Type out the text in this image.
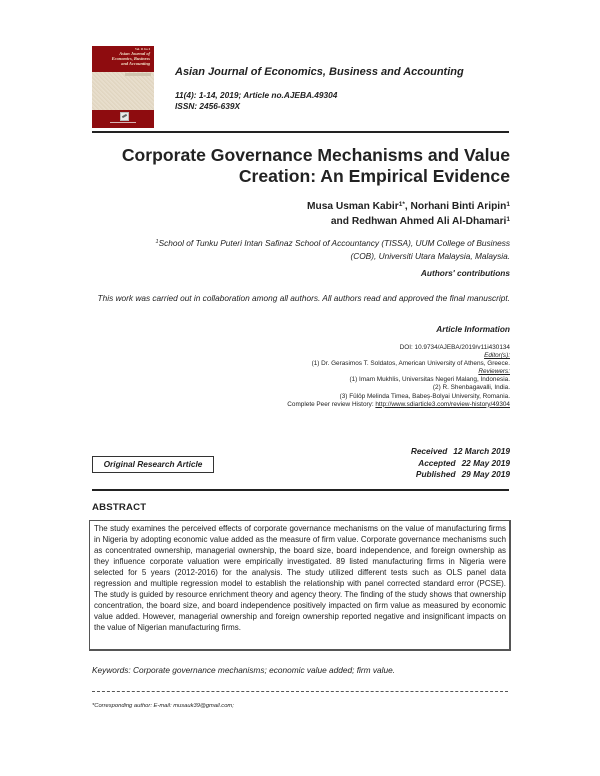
Vol. 11 Iss 4
Asian Journal of
Economics, Business
and Accounting
Asian Journal of Economics, Business and Accounting
11(4): 1-14, 2019; Article no.AJEBA.49304
ISSN: 2456-639X
Corporate Governance Mechanisms and Value
Creation: An Empirical Evidence
Musa Usman Kabir$^{1*}$, Norhani Binti Aripin$^1$
and Redhwan Ahmed Ali Al-Dhamari$^1$
$^1$School of Tunku Puteri Intan Safinaz School of Accountancy (TISSA), UUM College of Business
(COB), Universiti Utara Malaysia, Malaysia.
Authors' contributions
This work was carried out in collaboration among all authors. All authors read and approved the final manuscript.
Article Information
DOI: 10.9734/AJEBA/2019/v11i430134
Editor(s):
(1) Dr. Gerasimos T. Soldatos, American University of Athens, Greece.
Reviewers:
(1) Imam Mukhlis, Universitas Negeri Malang, Indonesia.
(2) R. Shenbagavalli, India.
(3) Fülöp Melinda Timea, Babeș-Bolyai University, Romania.
Complete Peer review History: http://www.sdiarticle3.com/review-history/49304
Original Research Article
Received 12 March 2019
Accepted 22 May 2019
Published 29 May 2019
ABSTRACT
The study examines the perceived effects of corporate governance mechanisms on the value of manufacturing firms in Nigeria by adopting economic value added as the measure of firm value. Corporate governance mechanisms such as concentrated ownership, managerial ownership, the board size, board independence, and foreign ownership as they influence corporate valuation were empirically investigated. 89 listed manufacturing firms in Nigeria were selected for 5 years (2012-2016) for the analysis. The study utilized different tests such as OLS panel data regression and multiple regression model to establish the relationship with panel corrected standard error (PCSE). The study is guided by resource enrichment theory and agency theory. The finding of the study shows that ownership concentration, the board size, and board independence positively impacted on firm value as measured by economic value added. However, managerial ownership and foreign ownership reported negative and insignificant impacts on the value of Nigerian manufacturing firms.
Keywords: Corporate governance mechanisms; economic value added; firm value.
*Corresponding author: E-mail: musauk39@gmail.com;
